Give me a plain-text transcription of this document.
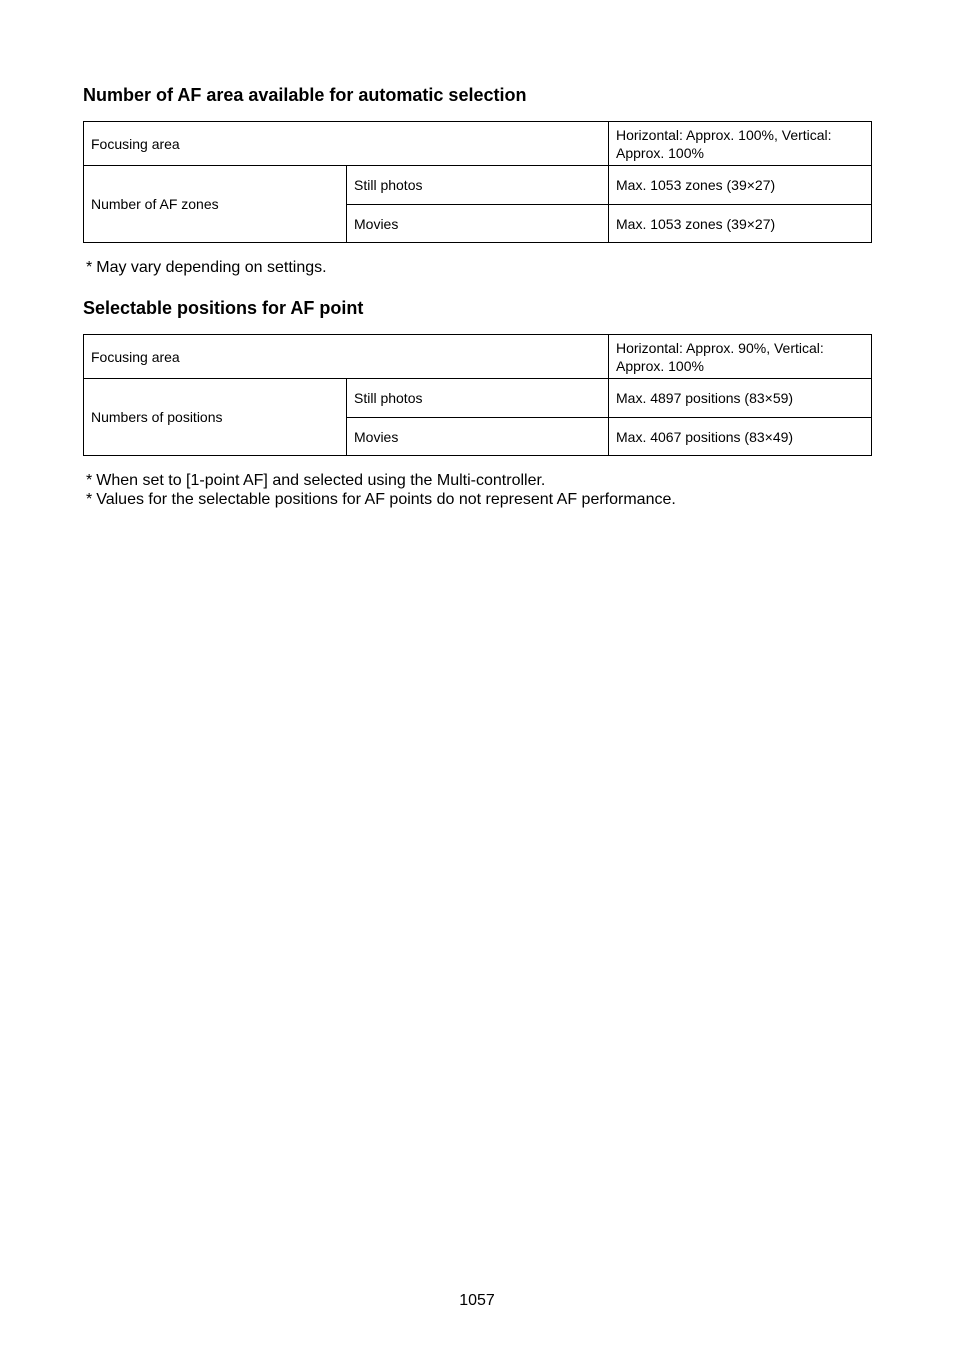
Number of AF area available for automatic selection
Focusing area		Horizontal: Approx. 100%, Vertical: Approx. 100%
Number of AF zones	Still photos	Max. 1053 zones (39×27)
	Movies	Max. 1053 zones (39×27)
* May vary depending on settings.
Selectable positions for AF point
Focusing area		Horizontal: Approx. 90%, Vertical: Approx. 100%
Numbers of positions	Still photos	Max. 4897 positions (83×59)
	Movies	Max. 4067 positions (83×49)
* When set to [1-point AF] and selected using the Multi-controller.
* Values for the selectable positions for AF points do not represent AF performance.
1057
